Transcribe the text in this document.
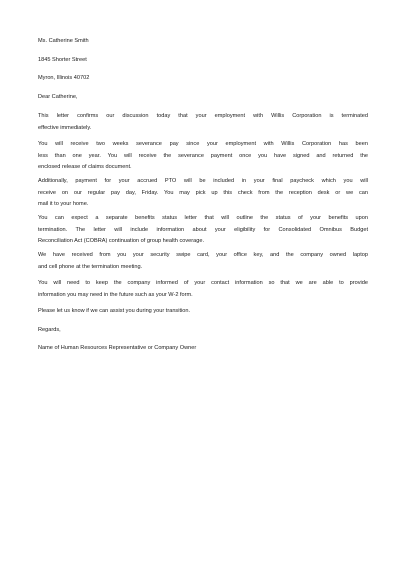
Ms. Catherine Smith
1845 Shorter Street
Myron, Illinois 40702
Dear Catherine,
This letter confirms our discussion today that your employment with Willis Corporation is terminated
effective immediately.
You will receive two weeks severance pay since your employment with Willis Corporation has been
less than one year. You will receive the severance payment once you have signed and returned the
enclosed release of claims document.
Additionally, payment for your accrued PTO will be included in your final paycheck which you will
receive on our regular pay day, Friday. You may pick up this check from the reception desk or we can
mail it to your home.
You can expect a separate benefits status letter that will outline the status of your benefits upon
termination. The letter will include information about your eligibility for Consolidated Omnibus Budget
Reconciliation Act (COBRA) continuation of group health coverage.
We have received from you your security swipe card, your office key, and the company owned laptop
and cell phone at the termination meeting.
You will need to keep the company informed of your contact information so that we are able to provide
information you may need in the future such as your W-2 form.
Please let us know if we can assist you during your transition.
Regards,
Name of Human Resources Representative or Company Owner
